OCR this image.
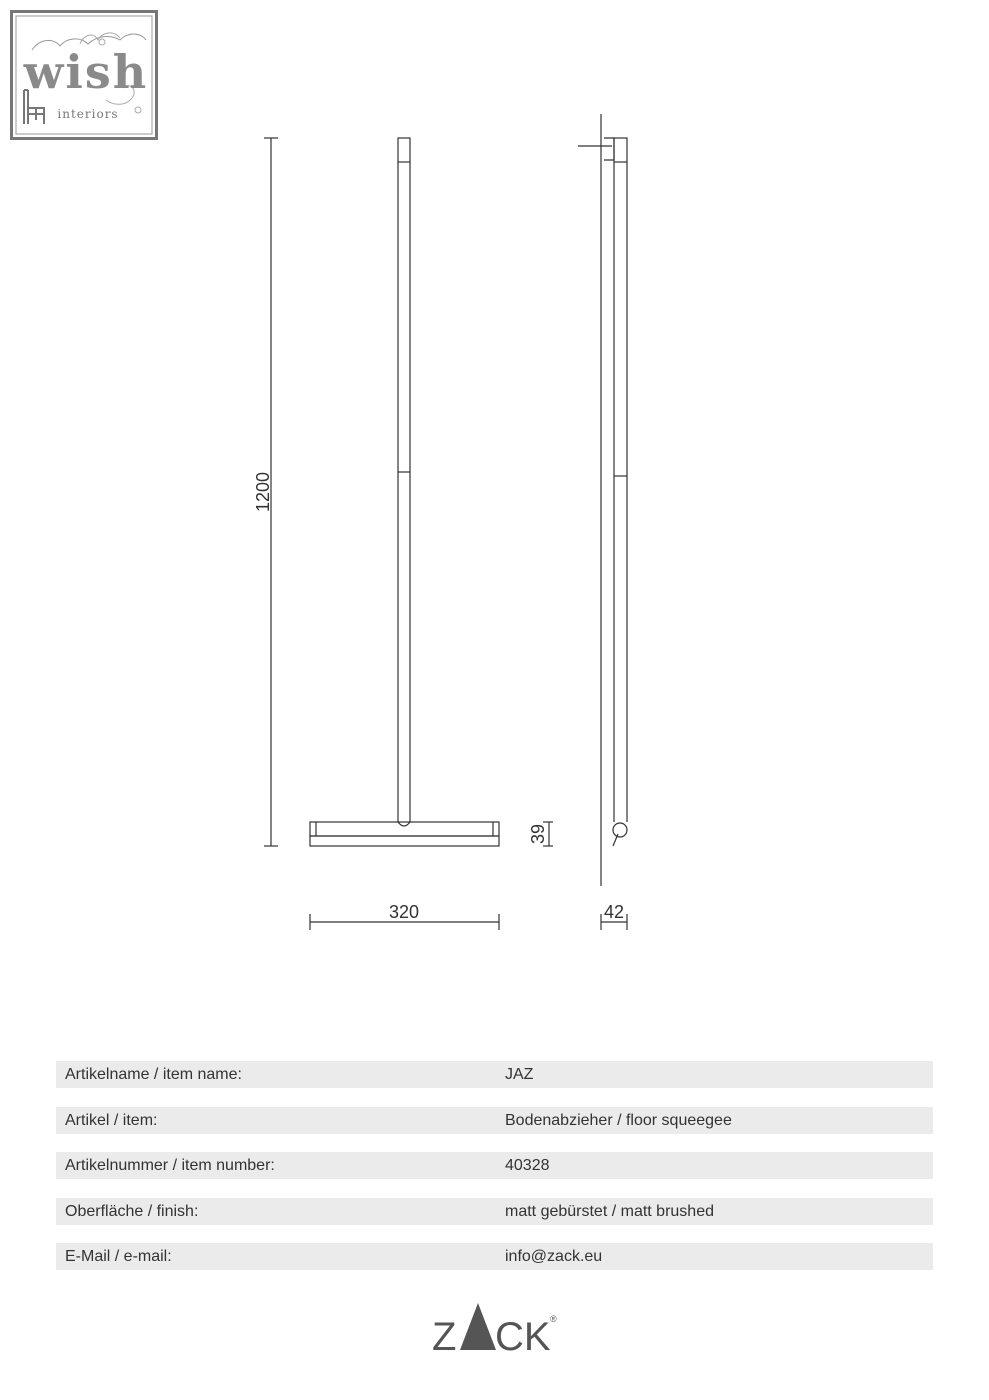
wish
interiors
1200
39
320	42
Artikelname / item name:	JAZ
Artikel / item:	Bodenabzieher / floor squeegee
Artikelnummer / item number:	40328
Oberfläche / finish:	matt gebürstet / matt brushed
E-Mail / e-mail:	info@zack.eu
Z CK ®
